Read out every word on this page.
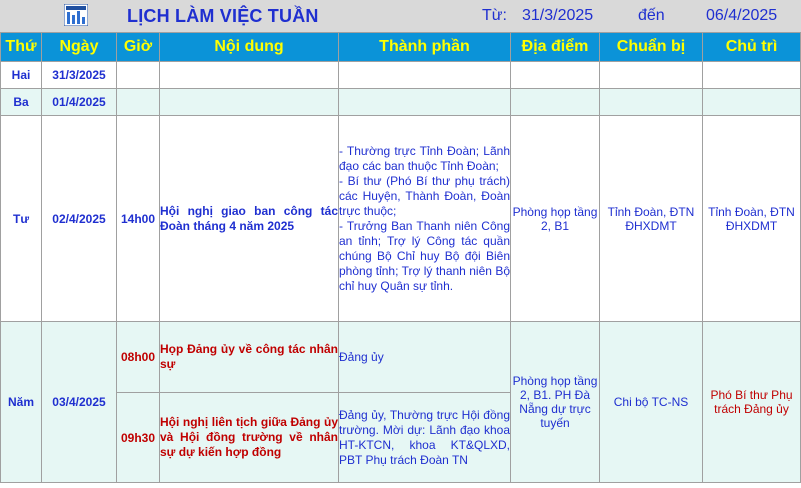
LỊCH LÀM VIỆC TUẦN	Từ: 31/3/2025	đến	06/4/2025
Thứ	Ngày	Giờ	Nội dung	Thành phần	Địa điểm	Chuẩn bị	Chủ trì
Hai	31/3/2025						
Ba	01/4/2025						
Tư	02/4/2025	14h00	Hội nghị giao ban công tác Đoàn tháng 4 năm 2025	- Thường trực Tỉnh Đoàn; Lãnh đạo các ban thuộc Tỉnh Đoàn;
- Bí thư (Phó Bí thư phụ trách) các Huyện, Thành Đoàn, Đoàn trực thuộc;
- Trưởng Ban Thanh niên Công an tỉnh; Trợ lý Công tác quần chúng Bộ Chỉ huy Bộ đội Biên phòng tỉnh; Trợ lý thanh niên Bộ chỉ huy Quân sự tỉnh.	Phòng họp tầng 2, B1	Tỉnh Đoàn, ĐTN ĐHXDMT	Tỉnh Đoàn, ĐTN ĐHXDMT
Năm	03/4/2025	08h00	Họp Đảng ủy về công tác nhân sự	Đảng ủy	Phòng họp tầng 2, B1. PH Đà Nẵng dự trực tuyến	Chi bộ TC-NS	Phó Bí thư Phụ trách Đảng ủy
		09h30	Hội nghị liên tịch giữa Đảng ủy và Hội đồng trường về nhân sự dự kiến hợp đồng	Đảng ủy, Thường trực Hội đồng trường. Mời dự: Lãnh đạo khoa HT-KTCN, khoa KT&QLXD, PBT Phụ trách Đoàn TN			
